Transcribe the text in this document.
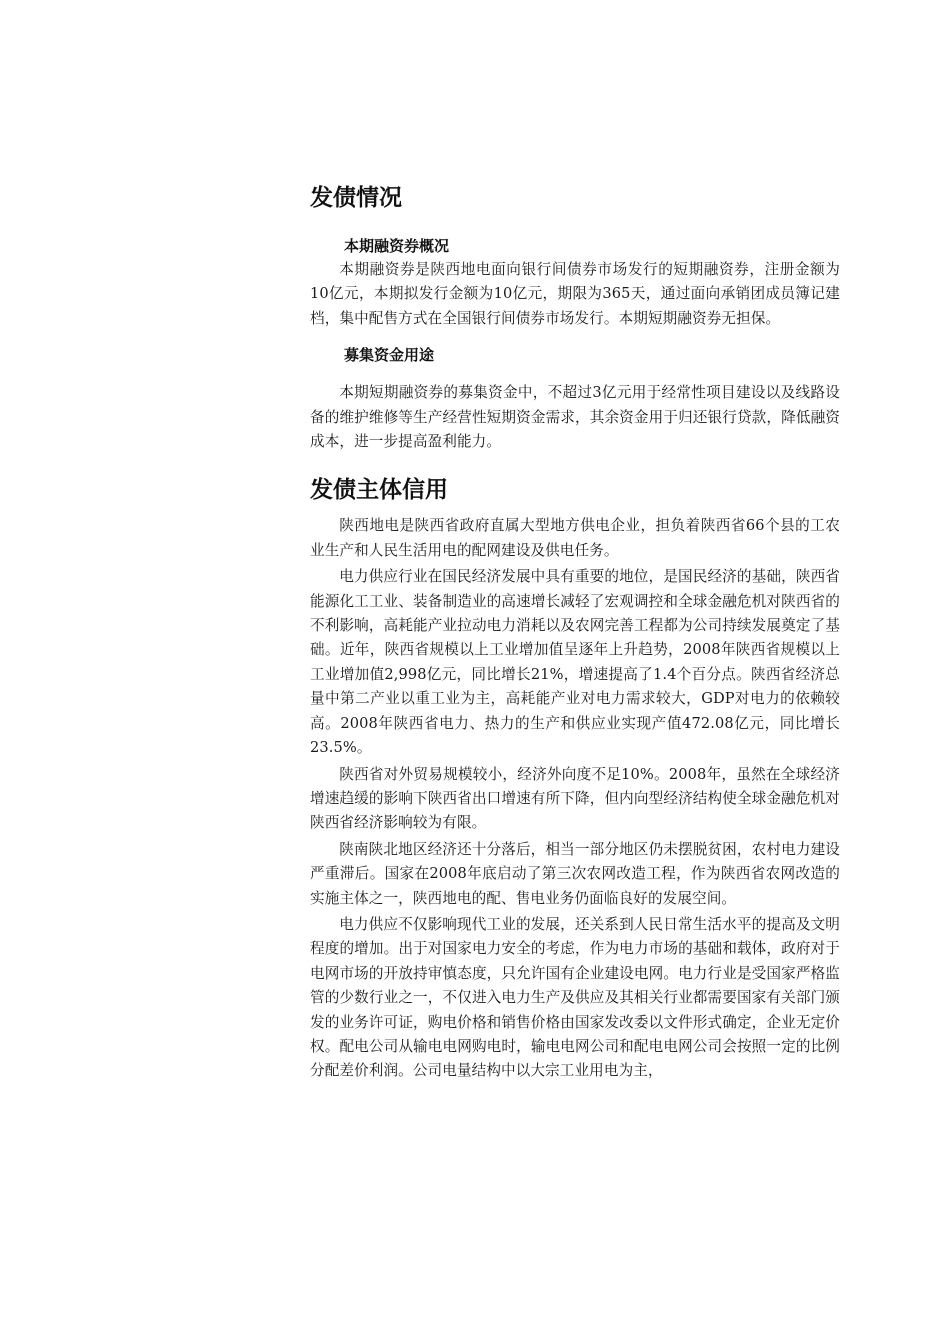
发债情况
本期融资券概况

本期融资券是陕西地电面向银行间债券市场发行的短期融资券，注册金额为10亿元，本期拟发行金额为10亿元，期限为365天，通过面向承销团成员簿记建档，集中配售方式在全国银行间债券市场发行。本期短期融资券无担保。

募集资金用途

本期短期融资券的募集资金中，不超过3亿元用于经常性项目建设以及线路设备的维护维修等生产经营性短期资金需求，其余资金用于归还银行贷款，降低融资成本，进一步提高盈利能力。

发债主体信用

陕西地电是陕西省政府直属大型地方供电企业，担负着陕西省66个县的工农业生产和人民生活用电的配网建设及供电任务。

电力供应行业在国民经济发展中具有重要的地位，是国民经济的基础，陕西省能源化工工业、装备制造业的高速增长减轻了宏观调控和全球金融危机对陕西省的不利影响，高耗能产业拉动电力消耗以及农网完善工程都为公司持续发展奠定了基础。近年，陕西省规模以上工业增加值呈逐年上升趋势，2008年陕西省规模以上工业增加值2,998亿元，同比增长21%，增速提高了1.4个百分点。陕西省经济总量中第二产业以重工业为主，高耗能产业对电力需求较大，GDP对电力的依赖较高。2008年陕西省电力、热力的生产和供应业实现产值472.08亿元，同比增长23.5%。

陕西省对外贸易规模较小，经济外向度不足10%。2008年，虽然在全球经济增速趋缓的影响下陕西省出口增速有所下降，但内向型经济结构使全球金融危机对陕西省经济影响较为有限。

陕南陕北地区经济还十分落后，相当一部分地区仍未摆脱贫困，农村电力建设严重滞后。国家在2008年底启动了第三次农网改造工程，作为陕西省农网改造的实施主体之一，陕西地电的配、售电业务仍面临良好的发展空间。

电力供应不仅影响现代工业的发展，还关系到人民日常生活水平的提高及文明程度的增加。出于对国家电力安全的考虑，作为电力市场的基础和载体，政府对于电网市场的开放持审慎态度，只允许国有企业建设电网。电力行业是受国家严格监管的少数行业之一，不仅进入电力生产及供应及其相关行业都需要国家有关部门颁发的业务许可证，购电价格和销售价格由国家发改委以文件形式确定，企业无定价权。配电公司从输电电网购电时，输电电网公司和配电电网公司会按照一定的比例分配差价利润。公司电量结构中以大宗工业用电为主，
